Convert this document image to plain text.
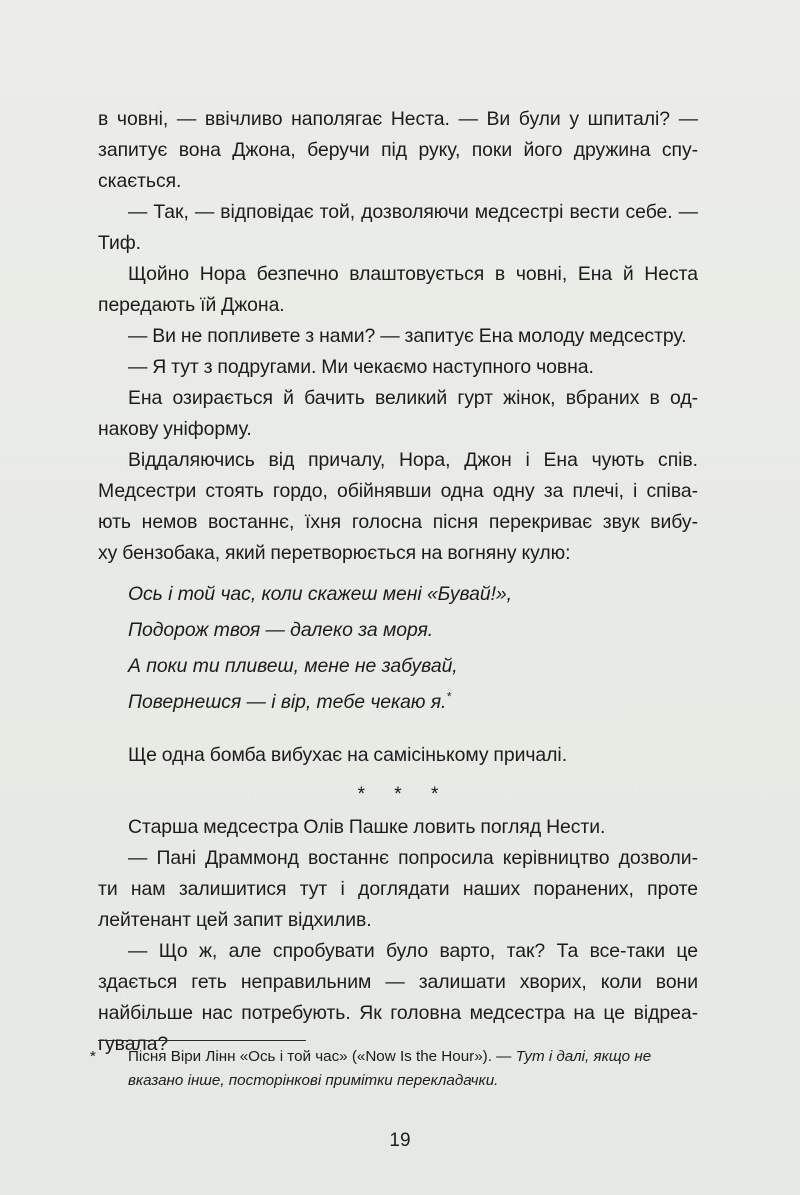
в човні, — ввічливо наполягає Неста. — Ви були у шпиталі? —
запитує вона Джона, беручи під руку, поки його дружина спу-
скається.

— Так, — відповідає той, дозволяючи медсестрі вести себе. —
Тиф.

Щойно Нора безпечно влаштовується в човні, Ена й Неста
передають їй Джона.

— Ви не попливете з нами? — запитує Ена молоду медсестру.

— Я тут з подругами. Ми чекаємо наступного човна.

Ена озирається й бачить великий гурт жінок, вбраних в од-
накову уніформу.

Віддаляючись від причалу, Нора, Джон і Ена чують спів.
Медсестри стоять гордо, обійнявши одна одну за плечі, і співа-
ють немов востаннє, їхня голосна пісня перекриває звук вибу-
ху бензобака, який перетворюється на вогняну кулю:

Ось і той час, коли скажеш мені «Бувай!»,
Подорож твоя — далеко за моря.
А поки ти пливеш, мене не забувай,
Повернешся — і вір, тебе чекаю я.*

Ще одна бомба вибухає на самісінькому причалі.

* * *

Старша медсестра Олів Пашке ловить погляд Нести.

— Пані Драммонд востаннє попросила керівництво дозволи-
ти нам залишитися тут і доглядати наших поранених, проте
лейтенант цей запит відхилив.

— Що ж, але спробувати було варто, так? Та все-таки це
здається геть неправильним — залишати хворих, коли вони
найбільше нас потребують. Як головна медсестра на це відреа-
гувала?

*	Пісня Віри Лінн «Ось і той час» («Now Is the Hour»). — Тут і далі, якщо не
вказано інше, посторінкові примітки перекладачки.
19
